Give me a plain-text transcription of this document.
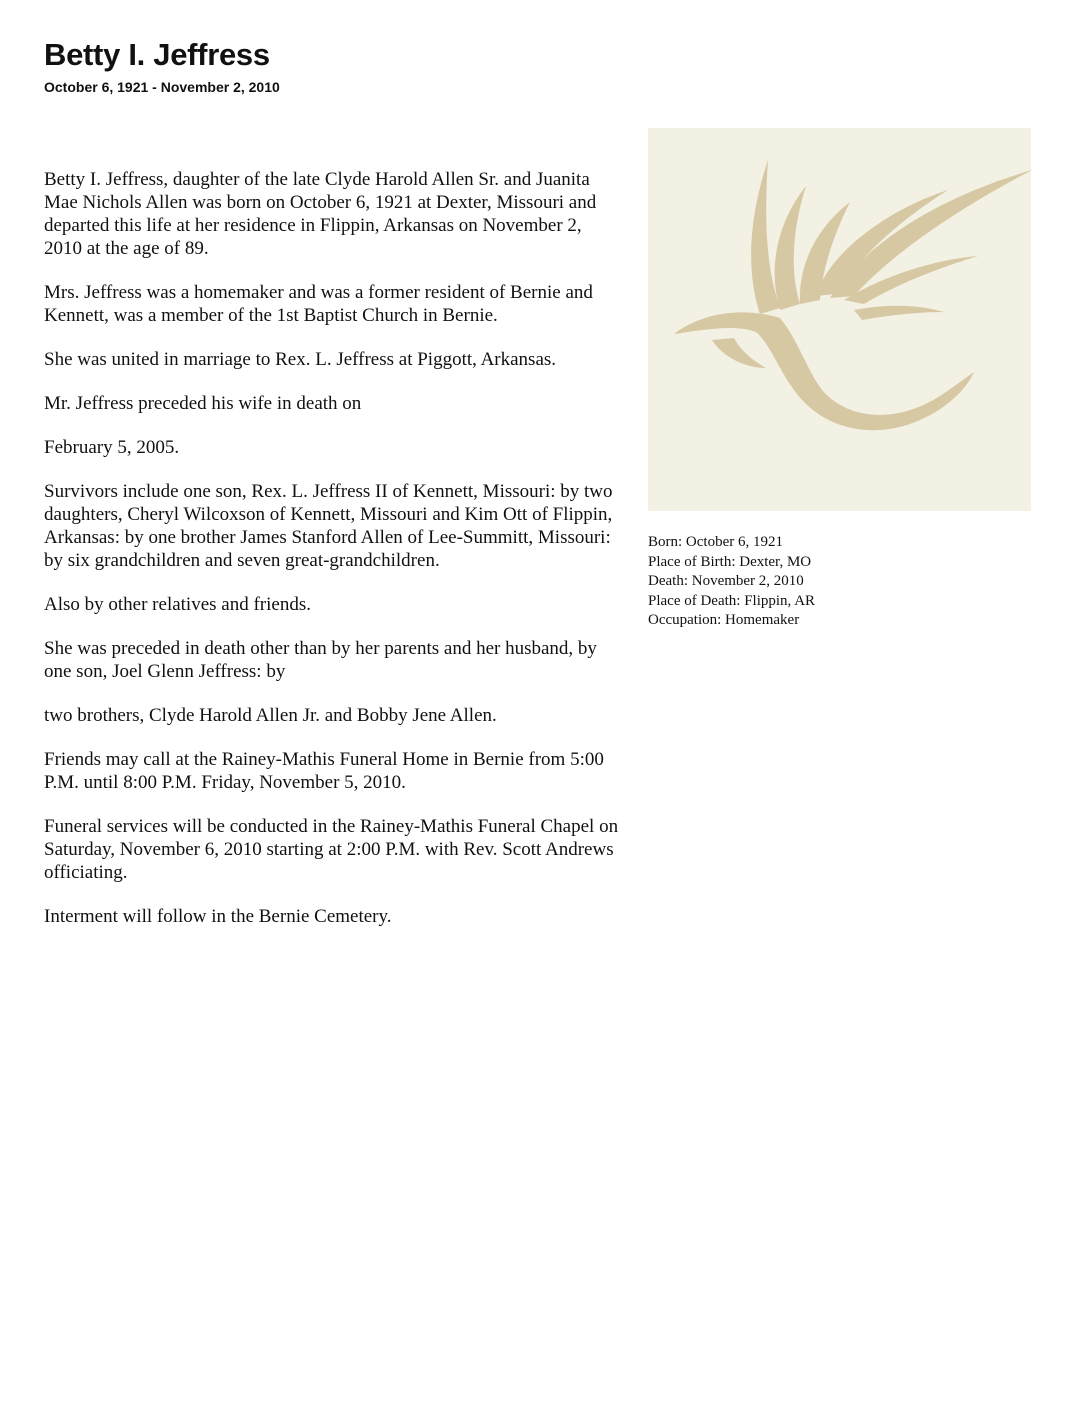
Betty I. Jeffress
October 6, 1921 - November 2, 2010

Betty I. Jeffress, daughter of the late Clyde Harold Allen Sr. and Juanita Mae Nichols Allen was born on October 6, 1921 at Dexter, Missouri and departed this life at her residence in Flippin, Arkansas on November 2, 2010 at the age of 89.

Mrs. Jeffress was a homemaker and was a former resident of Bernie and Kennett, was a member of the 1st Baptist Church in Bernie.

She was united in marriage to Rex. L. Jeffress at Piggott, Arkansas.

Mr. Jeffress preceded his wife in death on

February 5, 2005.

Survivors include one son, Rex. L. Jeffress II of Kennett, Missouri: by two daughters, Cheryl Wilcoxson of Kennett, Missouri and Kim Ott of Flippin, Arkansas: by one brother James Stanford Allen of Lee-Summitt, Missouri: by six grandchildren and seven great-grandchildren.

Also by other relatives and friends.

She was preceded in death other than by her parents and her husband, by one son, Joel Glenn Jeffress: by

two brothers, Clyde Harold Allen Jr. and Bobby Jene Allen.

Friends may call at the Rainey-Mathis Funeral Home in Bernie from 5:00 P.M. until 8:00 P.M. Friday, November 5, 2010.

Funeral services will be conducted in the Rainey-Mathis Funeral Chapel on Saturday, November 6, 2010 starting at 2:00 P.M. with Rev. Scott Andrews officiating.

Interment will follow in the Bernie Cemetery.

Born: October 6, 1921
Place of Birth: Dexter, MO
Death: November 2, 2010
Place of Death: Flippin, AR
Occupation: Homemaker
